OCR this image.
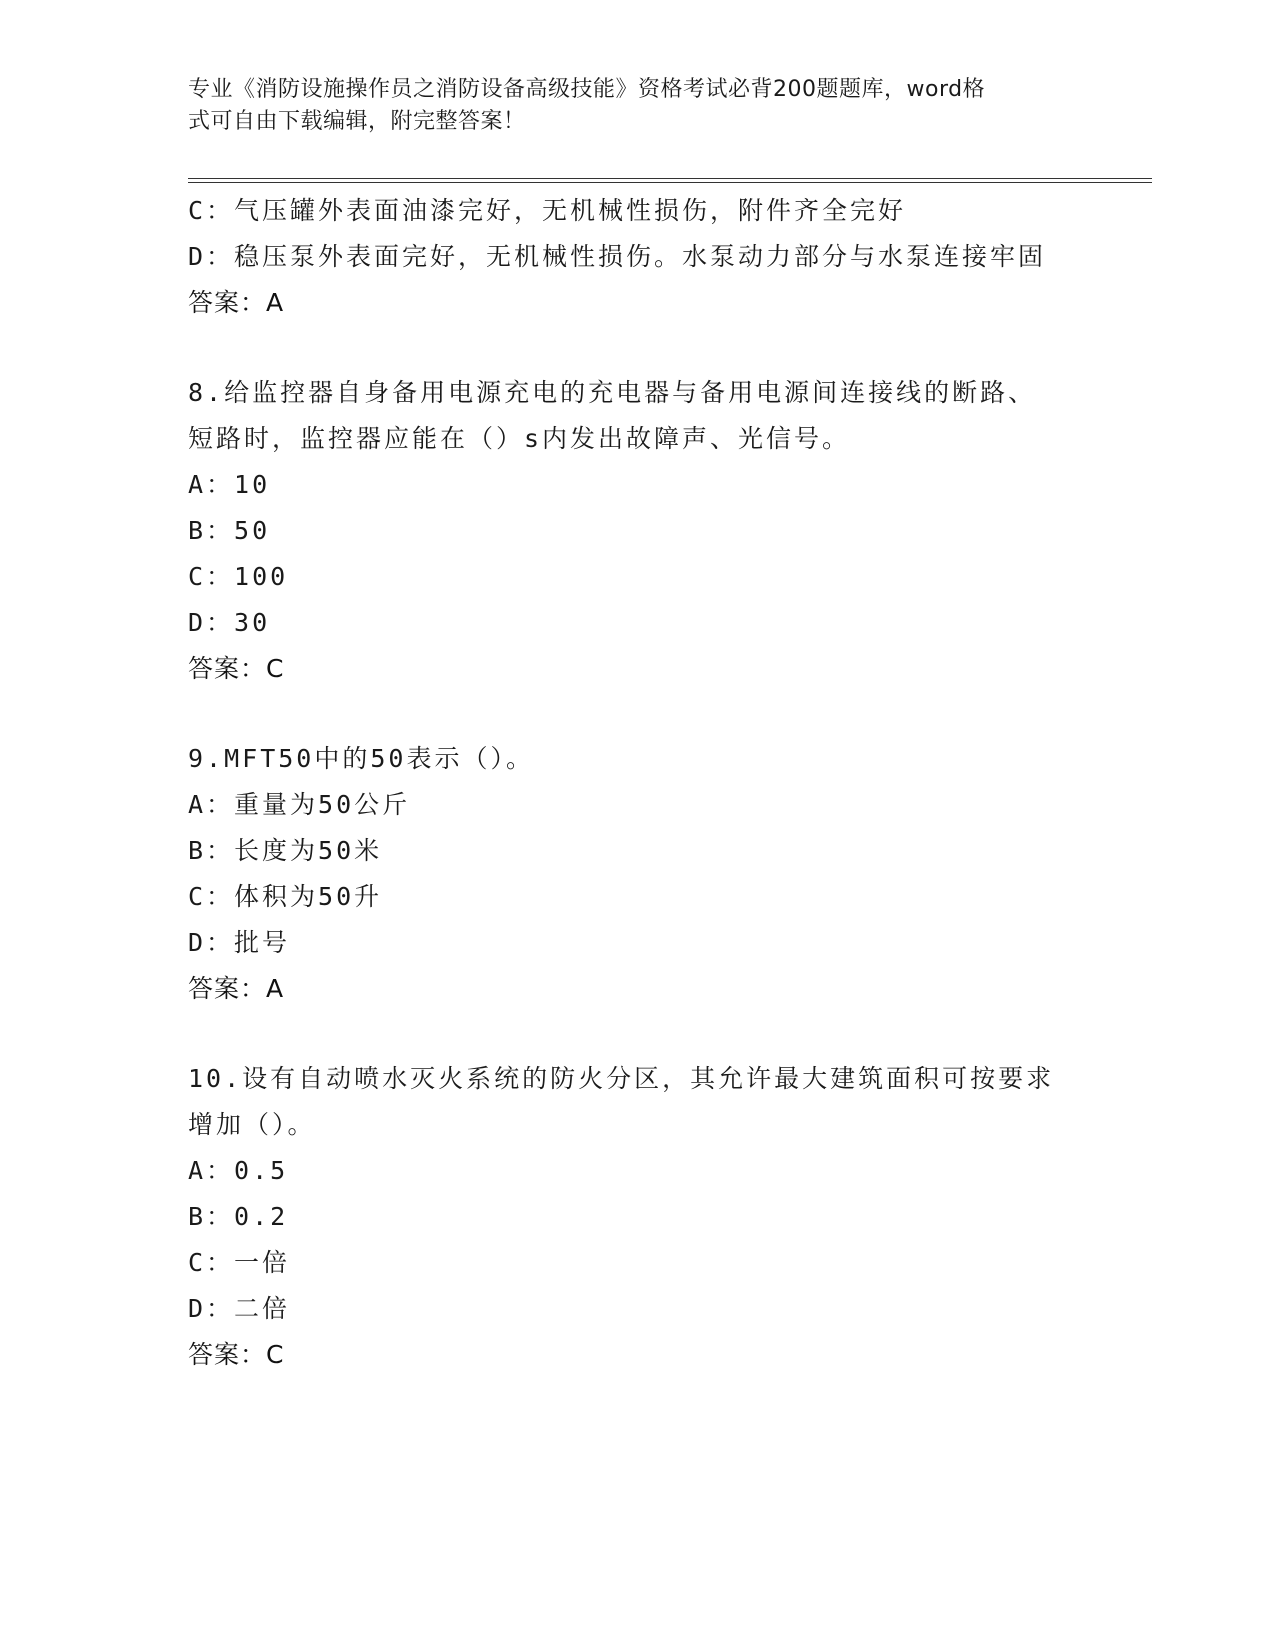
专业《消防设施操作员之消防设备高级技能》资格考试必背200题题库，word格
式可自由下载编辑，附完整答案！
C：气压罐外表面油漆完好，无机械性损伤，附件齐全完好
D：稳压泵外表面完好，无机械性损伤。水泵动力部分与水泵连接牢固
答案：A
8.给监控器自身备用电源充电的充电器与备用电源间连接线的断路、
短路时，监控器应能在（）s内发出故障声、光信号。
A：10
B：50
C：100
D：30
答案：C
9.MFT50中的50表示（）。
A：重量为50公斤
B：长度为50米
C：体积为50升
D：批号
答案：A
10.设有自动喷水灭火系统的防火分区，其允许最大建筑面积可按要求
增加（）。
A：0.5
B：0.2
C：一倍
D：二倍
答案：C
